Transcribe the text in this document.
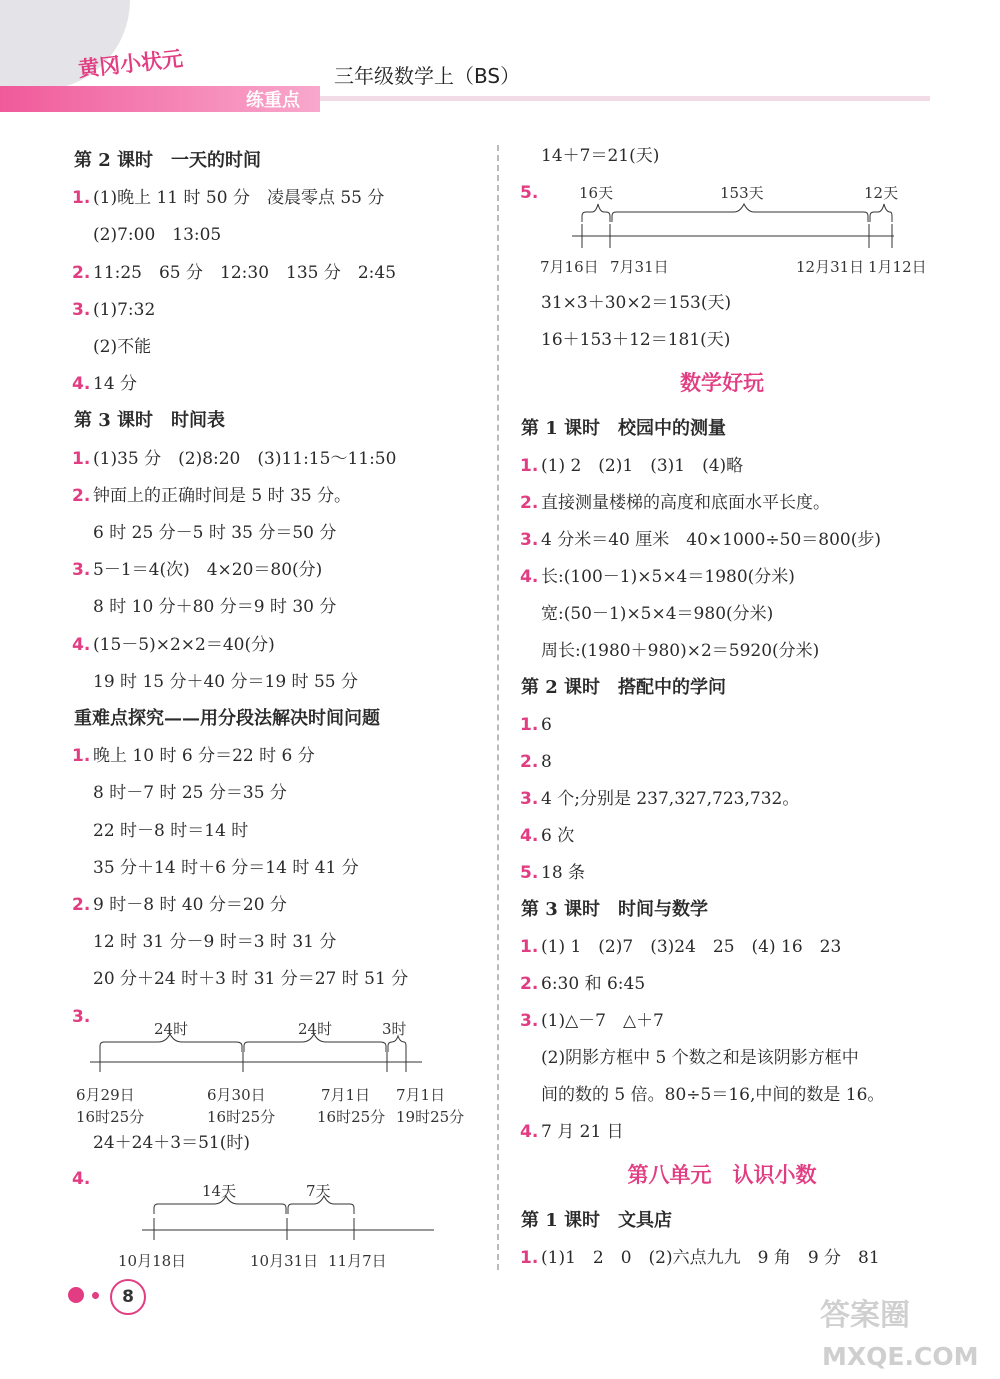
黄冈小状元
练重点
三年级数学上（BS）
第 2 课时　一天的时间
1. (1)晚上 11 时 50 分　凌晨零点 55 分
(2)7:00　13:05
2. 11:25　65 分　12:30　135 分　2:45
3. (1)7:32
(2)不能
4. 14 分
第 3 课时　时间表
1. (1)35 分　(2)8:20　(3)11:15～11:50
2. 钟面上的正确时间是 5 时 35 分。
6 时 25 分－5 时 35 分＝50 分
3. 5－1＝4(次)　4×20＝80(分)
8 时 10 分＋80 分＝9 时 30 分
4. (15－5)×2×2＝40(分)
19 时 15 分＋40 分＝19 时 55 分
重难点探究——用分段法解决时间问题
1. 晚上 10 时 6 分＝22 时 6 分
8 时－7 时 25 分＝35 分
22 时－8 时＝14 时
35 分＋14 时＋6 分＝14 时 41 分
2. 9 时－8 时 40 分＝20 分
12 时 31 分－9 时＝3 时 31 分
20 分＋24 时＋3 时 31 分＝27 时 51 分
3.
24＋24＋3＝51(时)
4.
14＋7＝21(天)
5.
31×3＋30×2＝153(天)
16＋153＋12＝181(天)
数学好玩
第 1 课时　校园中的测量
1. (1) 2　(2)1　(3)1　(4)略
2. 直接测量楼梯的高度和底面水平长度。
3. 4 分米＝40 厘米　40×1000÷50＝800(步)
4. 长:(100－1)×5×4＝1980(分米)
宽:(50－1)×5×4＝980(分米)
周长:(1980＋980)×2＝5920(分米)
第 2 课时　搭配中的学问
1. 6
2. 8
3. 4 个;分别是 237,327,723,732。
4. 6 次
5. 18 条
第 3 课时　时间与数学
1. (1) 1　(2)7　(3)24　25　(4) 16　23
2. 6:30 和 6:45
3. (1)△－7　△＋7
(2)阴影方框中 5 个数之和是该阴影方框中
间的数的 5 倍。80÷5＝16,中间的数是 16。
4. 7 月 21 日
第八单元　认识小数
第 1 课时　文具店
1. (1)1　2　0　(2)六点九九　9 角　9 分　81
24时	24时	3时
6月29日	6月30日	7月1日 7月1日
16时25分	16时25分	16时25分 19时25分
14天	7天
10月18日	10月31日 11月7日
16天	153天	12天
7月16日 7月31日	12月31日 1月12日
8
答案圈
MXQE.COM
